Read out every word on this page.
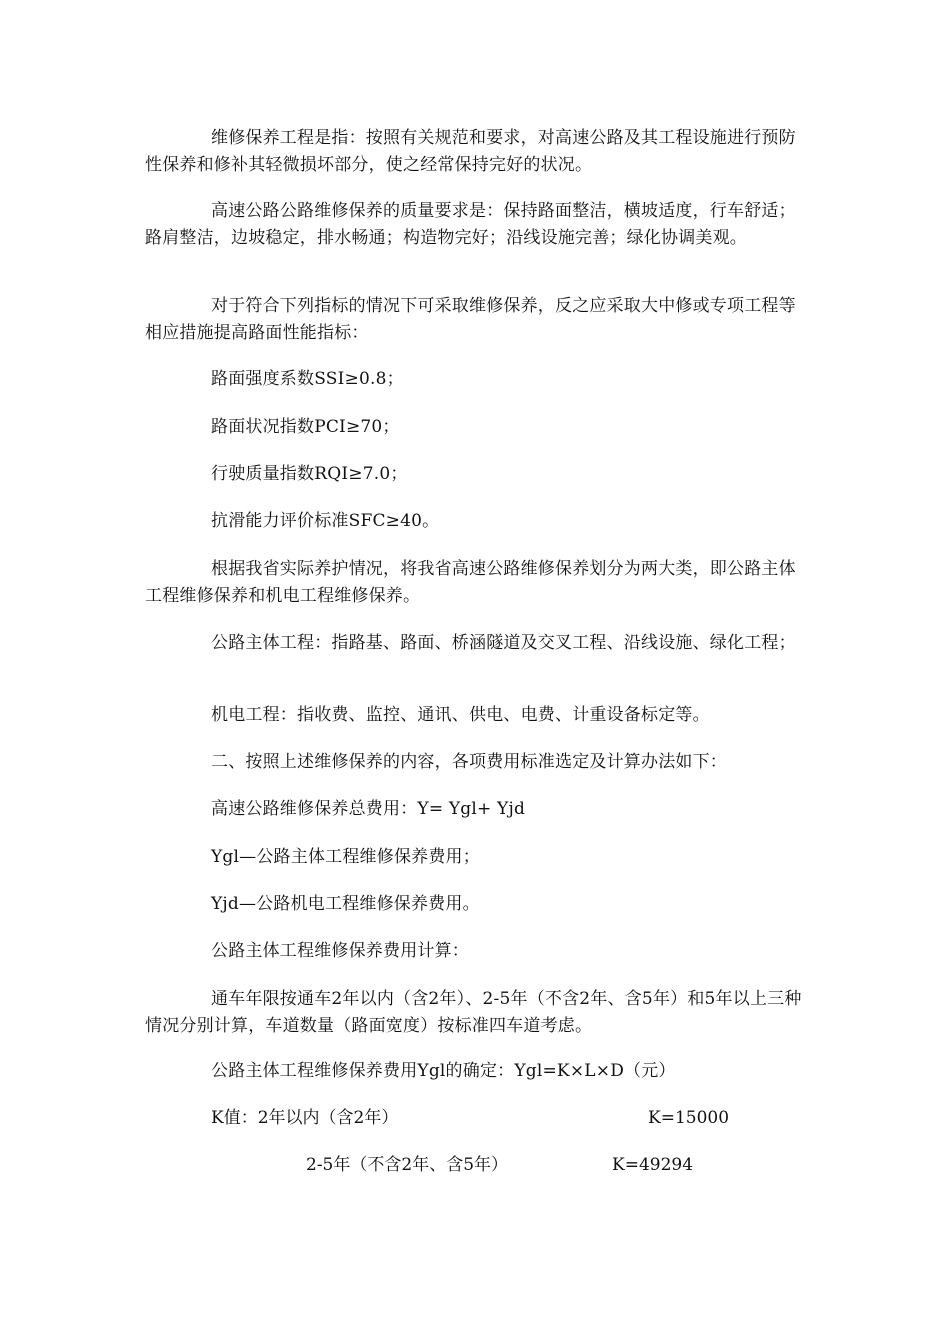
维修保养工程是指：按照有关规范和要求，对高速公路及其工程设施进行预防性保养和修补其轻微损坏部分，使之经常保持完好的状况。

高速公路公路维修保养的质量要求是：保持路面整洁，横坡适度，行车舒适；路肩整洁，边坡稳定，排水畅通；构造物完好；沿线设施完善；绿化协调美观。

对于符合下列指标的情况下可采取维修保养，反之应采取大中修或专项工程等相应措施提高路面性能指标：

路面强度系数SSI≥0.8；

路面状况指数PCI≥70；

行驶质量指数RQI≥7.0；

抗滑能力评价标准SFC≥40。

根据我省实际养护情况，将我省高速公路维修保养划分为两大类，即公路主体工程维修保养和机电工程维修保养。

公路主体工程：指路基、路面、桥涵隧道及交叉工程、沿线设施、绿化工程；

机电工程：指收费、监控、通讯、供电、电费、计重设备标定等。

二、按照上述维修保养的内容，各项费用标准选定及计算办法如下：

高速公路维修保养总费用：Y= Ygl+ Yjd

Ygl—公路主体工程维修保养费用；

Yjd—公路机电工程维修保养费用。

公路主体工程维修保养费用计算：

通车年限按通车2年以内（含2年）、2-5年（不含2年、含5年）和5年以上三种情况分别计算，车道数量（路面宽度）按标准四车道考虑。

公路主体工程维修保养费用Ygl的确定：Ygl=K×L×D（元）

K值：2年以内（含2年）	K=15000
2-5年（不含2年、含5年）	K=49294
